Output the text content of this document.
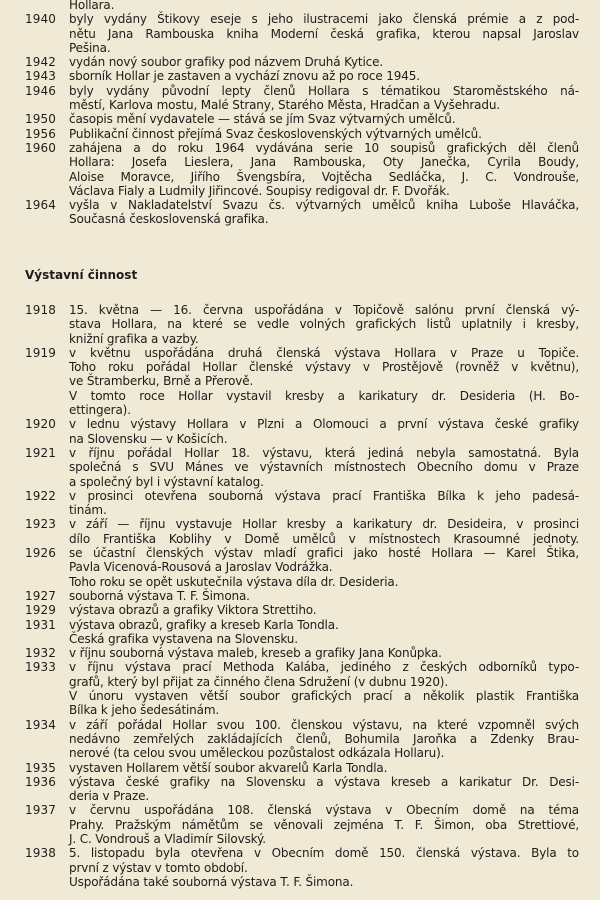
Hollara.
1940	byly vydány Štikovy eseje s jeho ilustracemi jako členská prémie a z pod-
nětu Jana Rambouska kniha Moderní česká grafika, kterou napsal Jaroslav
Pešina.
1942	vydán nový soubor grafiky pod názvem Druhá Kytice.
1943	sborník Hollar je zastaven a vychází znovu až po roce 1945.
1946	byly vydány původní lepty členů Hollara s tématikou Staroměstského ná-
městí, Karlova mostu, Malé Strany, Starého Města, Hradčan a Vyšehradu.
1950	časopis mění vydavatele — stává se jím Svaz výtvarných umělců.
1956	Publikační činnost přejímá Svaz československých výtvarných umělců.
1960	zahájena a do roku 1964 vydávána serie 10 soupisů grafických děl členů
Hollara: Josefa Lieslera, Jana Rambouska, Oty Janečka, Cyrila Boudy,
Aloise Moravce, Jiřího Švengsbíra, Vojtěcha Sedláčka, J. C. Vondrouše,
Václava Fialy a Ludmily Jiřincové. Soupisy redigoval dr. F. Dvořák.
1964	vyšla v Nakladatelství Svazu čs. výtvarných umělců kniha Luboše Hlaváčka,
Současná československá grafika.
Výstavní činnost
1918	15. května — 16. června uspořádána v Topičově salónu první členská vý-
stava Hollara, na které se vedle volných grafických listů uplatnily i kresby,
knižní grafika a vazby.
1919	v květnu uspořádána druhá členská výstava Hollara v Praze u Topiče.
Toho roku pořádal Hollar členské výstavy v Prostějově (rovněž v květnu),
ve Štramberku, Brně a Přerově.
V tomto roce Hollar vystavil kresby a karikatury dr. Desideria (H. Bo-
ettingera).
1920	v lednu výstavy Hollara v Plzni a Olomouci a první výstava české grafiky
na Slovensku — v Košicích.
1921	v říjnu pořádal Hollar 18. výstavu, která jediná nebyla samostatná. Byla
společná s SVU Mánes ve výstavních místnostech Obecního domu v Praze
a společný byl i výstavní katalog.
1922	v prosinci otevřena souborná výstava prací Františka Bílka k jeho padesá-
tinám.
1923	v září — říjnu vystavuje Hollar kresby a karikatury dr. Desideira, v prosinci
dílo Františka Koblihy v Domě umělců v místnostech Krasoumné jednoty.
1926	se účastní členských výstav mladí grafici jako hosté Hollara — Karel Štika,
Pavla Vicenová-Rousová a Jaroslav Vodrážka.
Toho roku se opět uskutečnila výstava díla dr. Desideria.
1927	souborná výstava T. F. Šimona.
1929	výstava obrazů a grafiky Viktora Strettiho.
1931	výstava obrazů, grafiky a kreseb Karla Tondla.
Česká grafika vystavena na Slovensku.
1932	v říjnu souborná výstava maleb, kreseb a grafiky Jana Konůpka.
1933	v říjnu výstava prací Methoda Kalába, jediného z českých odborníků typo-
grafů, který byl přijat za činného člena Sdružení (v dubnu 1920).
V únoru vystaven větší soubor grafických prací a několik plastik Františka
Bílka k jeho šedesátinám.
1934	v září pořádal Hollar svou 100. členskou výstavu, na které vzpomněl svých
nedávno zemřelých zakládajících členů, Bohumila Jaroňka a Zdenky Brau-
nerové (ta celou svou uměleckou pozůstalost odkázala Hollaru).
1935	vystaven Hollarem větší soubor akvarelů Karla Tondla.
1936	výstava české grafiky na Slovensku a výstava kreseb a karikatur Dr. Desi-
deria v Praze.
1937	v červnu uspořádána 108. členská výstava v Obecním domě na téma
Prahy. Pražským námětům se věnovali zejména T. F. Šimon, oba Strettiové,
J. C. Vondrouš a Vladimír Silovský.
1938	5. listopadu byla otevřena v Obecním domě 150. členská výstava. Byla to
první z výstav v tomto období.
Uspořádána také souborná výstava T. F. Šimona.
